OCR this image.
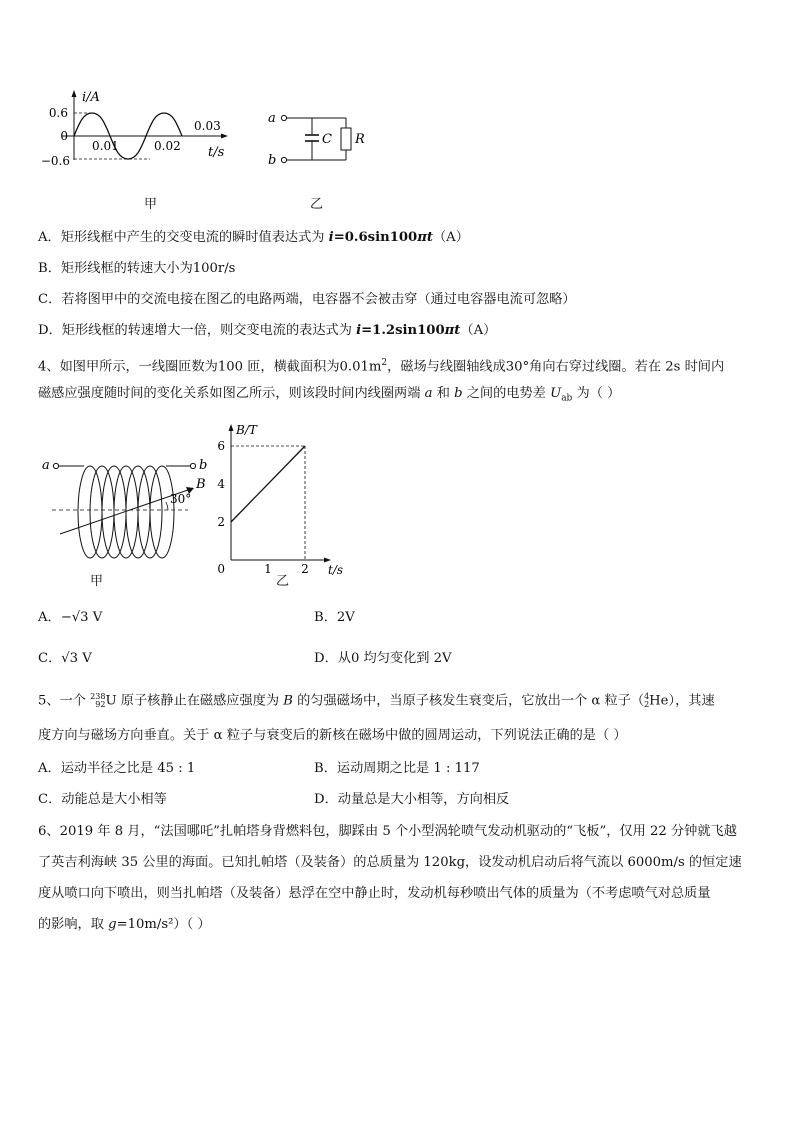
i/A
0.6
0
−0.6
0.01	0.02
0.03
t/s
甲
a
b
C R
乙
A．矩形线框中产生的交变电流的瞬时值表达式为 i=0.6sin100πt（A）
B．矩形线框的转速大小为100r/s
C．若将图甲中的交流电接在图乙的电路两端，电容器不会被击穿（通过电容器电流可忽略）
D．矩形线框的转速增大一倍，则交变电流的表达式为 i=1.2sin100πt（A）
4、如图甲所示，一线圈匝数为100 匝，横截面积为$0.01m^2$，磁场与线圈轴线成30°角向右穿过线圈。若在 2s 时间内
磁感应强度随时间的变化关系如图乙所示，则该段时间内线圈两端 a 和 b 之间的电势差 $U_{ab}$ 为（ ）
a	b
B
30°
甲
B/T
t/s
6
4
2
0	1 2
乙
A．−√3 V	B．2V
C．√3 V	D．从0 均匀变化到 2V
5、一个 238
92U 原子核静止在磁感应强度为 B 的匀强磁场中，当原子核发生衰变后，它放出一个 α 粒子（4
2He），其速
度方向与磁场方向垂直。关于 α 粒子与衰变后的新核在磁场中做的圆周运动，下列说法正确的是（ ）
A．运动半径之比是 45 : 1	B．运动周期之比是 1 : 117
C．动能总是大小相等	D．动量总是大小相等，方向相反
6、2019 年 8 月，“法国哪吒”扎帕塔身背燃料包，脚踩由 5 个小型涡轮喷气发动机驱动的“飞板”，仅用 22 分钟就飞越
了英吉利海峡 35 公里的海面。已知扎帕塔（及装备）的总质量为 120kg，设发动机启动后将气流以 6000m/s 的恒定速
度从喷口向下喷出，则当扎帕塔（及装备）悬浮在空中静止时，发动机每秒喷出气体的质量为（不考虑喷气对总质量
的影响，取 g=10m/s²）（ ）
